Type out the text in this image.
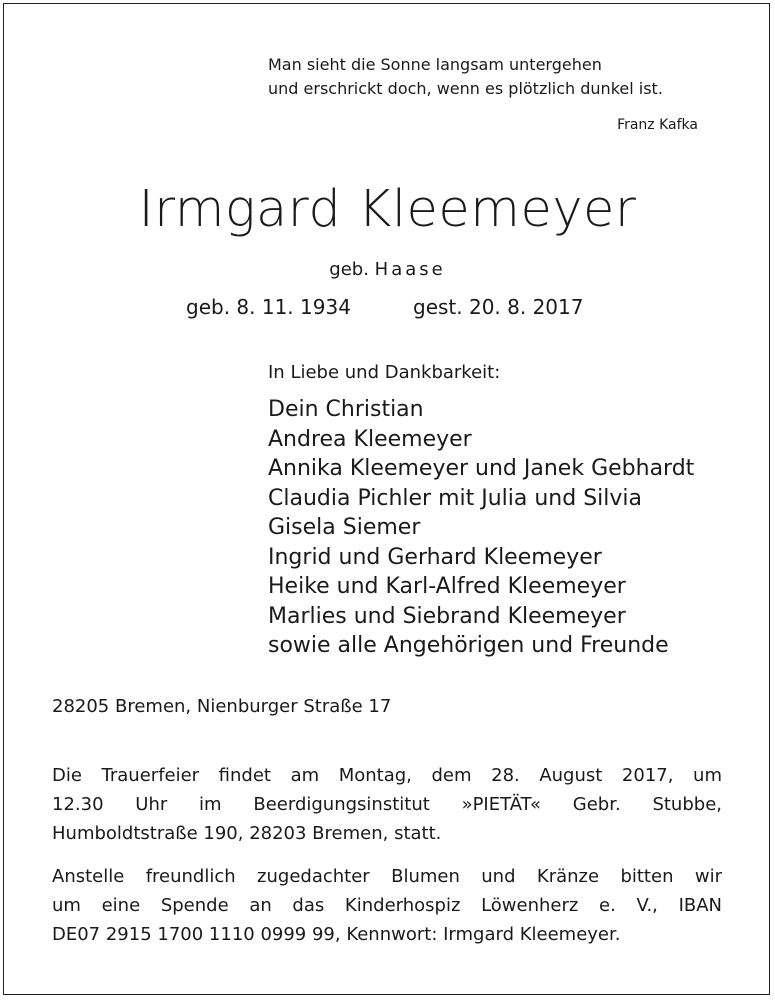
Man sieht die Sonne langsam untergehen
und erschrickt doch, wenn es plötzlich dunkel ist.
Franz Kafka
Irmgard Kleemeyer
geb. Haase
geb. 8. 11. 1934	gest. 20. 8. 2017
In Liebe und Dankbarkeit:
Dein Christian
Andrea Kleemeyer
Annika Kleemeyer und Janek Gebhardt
Claudia Pichler mit Julia und Silvia
Gisela Siemer
Ingrid und Gerhard Kleemeyer
Heike und Karl-Alfred Kleemeyer
Marlies und Siebrand Kleemeyer
sowie alle Angehörigen und Freunde
28205 Bremen, Nienburger Straße 17
Die Trauerfeier findet am Montag, dem 28. August 2017, um
12.30 Uhr im Beerdigungsinstitut »PIETÄT« Gebr. Stubbe,
Humboldtstraße 190, 28203 Bremen, statt.
Anstelle freundlich zugedachter Blumen und Kränze bitten wir
um eine Spende an das Kinderhospiz Löwenherz e. V., IBAN
DE07 2915 1700 1110 0999 99, Kennwort: Irmgard Kleemeyer.
